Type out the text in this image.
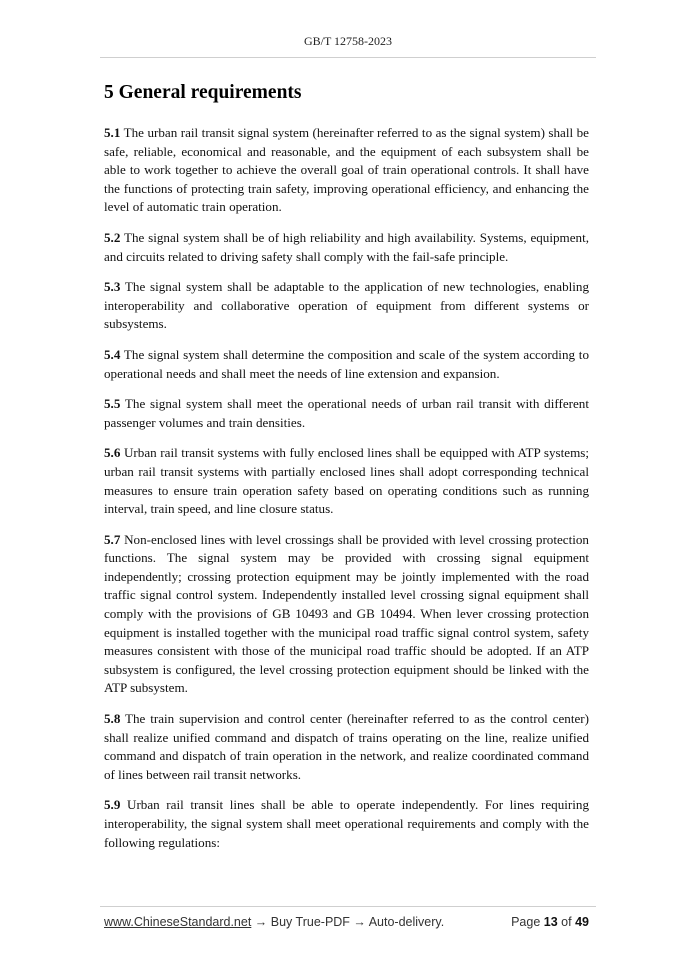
GB/T 12758-2023
5 General requirements

5.1 The urban rail transit signal system (hereinafter referred to as the signal system) shall be safe, reliable, economical and reasonable, and the equipment of each subsystem shall be able to work together to achieve the overall goal of train operational controls. It shall have the functions of protecting train safety, improving operational efficiency, and enhancing the level of automatic train operation.

5.2 The signal system shall be of high reliability and high availability. Systems, equipment, and circuits related to driving safety shall comply with the fail-safe principle.

5.3 The signal system shall be adaptable to the application of new technologies, enabling interoperability and collaborative operation of equipment from different systems or subsystems.

5.4 The signal system shall determine the composition and scale of the system according to operational needs and shall meet the needs of line extension and expansion.

5.5 The signal system shall meet the operational needs of urban rail transit with different passenger volumes and train densities.

5.6 Urban rail transit systems with fully enclosed lines shall be equipped with ATP systems; urban rail transit systems with partially enclosed lines shall adopt corresponding technical measures to ensure train operation safety based on operating conditions such as running interval, train speed, and line closure status.

5.7 Non-enclosed lines with level crossings shall be provided with level crossing protection functions. The signal system may be provided with crossing signal equipment independently; crossing protection equipment may be jointly implemented with the road traffic signal control system. Independently installed level crossing signal equipment shall comply with the provisions of GB 10493 and GB 10494. When lever crossing protection equipment is installed together with the municipal road traffic signal control system, safety measures consistent with those of the municipal road traffic should be adopted. If an ATP subsystem is configured, the level crossing protection equipment should be linked with the ATP subsystem.

5.8 The train supervision and control center (hereinafter referred to as the control center) shall realize unified command and dispatch of trains operating on the line, realize unified command and dispatch of train operation in the network, and realize coordinated command of lines between rail transit networks.

5.9 Urban rail transit lines shall be able to operate independently. For lines requiring interoperability, the signal system shall meet operational requirements and comply with the following regulations:

www.ChineseStandard.net → Buy True-PDF → Auto-delivery.	Page 13 of 49
